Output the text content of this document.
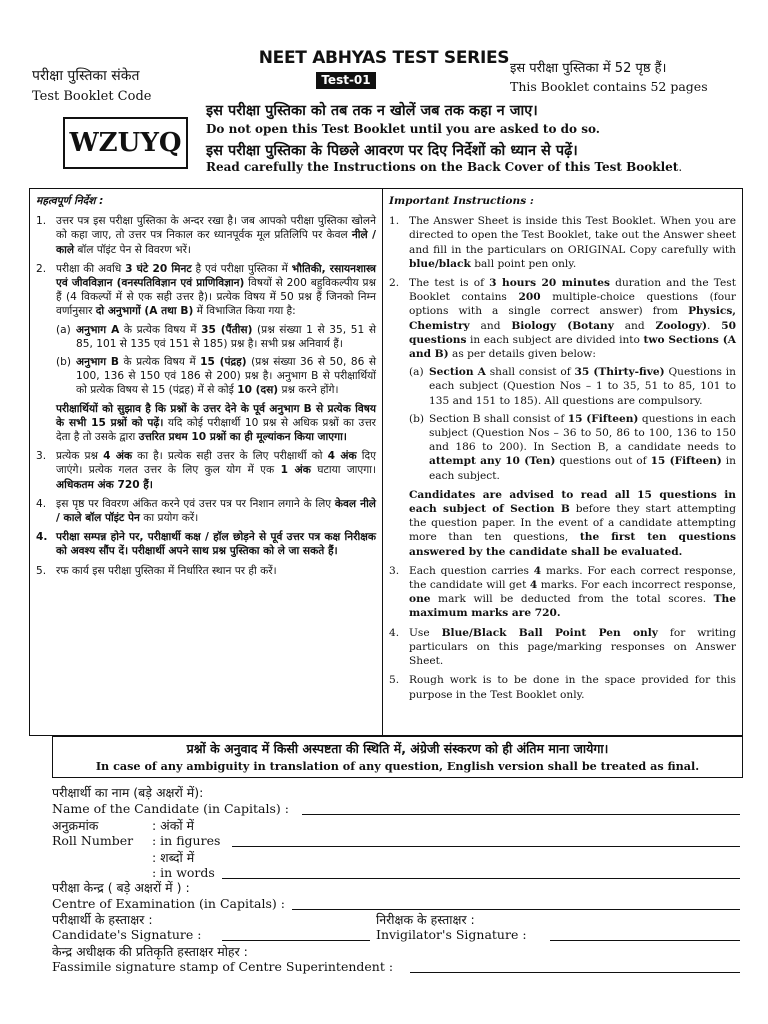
NEET ABHYAS TEST SERIES
Test-01
परीक्षा पुस्तिका संकेत
Test Booklet Code
WZUYQ
इस परीक्षा पुस्तिका में 52 पृष्ठ हैं।
This Booklet contains 52 pages
इस परीक्षा पुस्तिका को तब तक न खोलें जब तक कहा न जाए।
Do not open this Test Booklet until you are asked to do so.
इस परीक्षा पुस्तिका के पिछले आवरण पर दिए निर्देशों को ध्यान से पढ़ें।
Read carefully the Instructions on the Back Cover of this Test Booklet.
महत्वपूर्ण निर्देश :
1. उत्तर पत्र इस परीक्षा पुस्तिका के अन्दर रखा है। जब आपको परीक्षा पुस्तिका खोलने को कहा जाए, तो उत्तर पत्र निकाल कर ध्यानपूर्वक मूल प्रतिलिपि पर केवल नीले / काले बॉल पॉइंट पेन से विवरण भरें।
2. परीक्षा की अवधि 3 घंटे 20 मिनट है एवं परीक्षा पुस्तिका में भौतिकी, रसायनशास्त्र एवं जीवविज्ञान (वनस्पतिविज्ञान एवं प्राणिविज्ञान) विषयों से 200 बहुविकल्पीय प्रश्न हैं (4 विकल्पों में से एक सही उत्तर है)। प्रत्येक विषय में 50 प्रश्न हैं जिनको निम्न वर्णानुसार दो अनुभागों (A तथा B) में विभाजित किया गया है:
(a) अनुभाग A के प्रत्येक विषय में 35 (पैंतीस) (प्रश्न संख्या 1 से 35, 51 से 85, 101 से 135 एवं 151 से 185) प्रश्न है। सभी प्रश्न अनिवार्य हैं।
(b) अनुभाग B के प्रत्येक विषय में 15 (पंद्रह) (प्रश्न संख्या 36 से 50, 86 से 100, 136 से 150 एवं 186 से 200) प्रश्न है। अनुभाग B से परीक्षार्थियों को प्रत्येक विषय से 15 (पंद्रह) में से कोई 10 (दस) प्रश्न करने होंगे।
परीक्षार्थियों को सुझाव है कि प्रश्नों के उत्तर देने के पूर्व अनुभाग B से प्रत्येक विषय के सभी 15 प्रश्नों को पढ़ें। यदि कोई परीक्षार्थी 10 प्रश्न से अधिक प्रश्नों का उत्तर देता है तो उसके द्वारा उत्तरित प्रथम 10 प्रश्नों का ही मूल्यांकन किया जाएगा।
3. प्रत्येक प्रश्न 4 अंक का है। प्रत्येक सही उत्तर के लिए परीक्षार्थी को 4 अंक दिए जाएंगे। प्रत्येक गलत उत्तर के लिए कुल योग में एक 1 अंक घटाया जाएगा। अधिकतम अंक 720 हैं।
4. इस पृष्ठ पर विवरण अंकित करने एवं उत्तर पत्र पर निशान लगाने के लिए केवल नीले / काले बॉल पॉइंट पेन का प्रयोग करें।
4. परीक्षा सम्पन्न होने पर, परीक्षार्थी कक्ष / हॉल छोड़ने से पूर्व उत्तर पत्र कक्ष निरीक्षक को अवश्य सौंप दें। परीक्षार्थी अपने साथ प्रश्न पुस्तिका को ले जा सकते हैं।
5. रफ कार्य इस परीक्षा पुस्तिका में निर्धारित स्थान पर ही करें।
Important Instructions :
1. The Answer Sheet is inside this Test Booklet. When you are directed to open the Test Booklet, take out the Answer sheet and fill in the particulars on ORIGINAL Copy carefully with blue/black ball point pen only.
2. The test is of 3 hours 20 minutes duration and the Test Booklet contains 200 multiple-choice questions (four options with a single correct answer) from Physics, Chemistry and Biology (Botany and Zoology). 50 questions in each subject are divided into two Sections (A and B) as per details given below:
(a) Section A shall consist of 35 (Thirty-five) Questions in each subject (Question Nos – 1 to 35, 51 to 85, 101 to 135 and 151 to 185). All questions are compulsory.
(b) Section B shall consist of 15 (Fifteen) questions in each subject (Question Nos – 36 to 50, 86 to 100, 136 to 150 and 186 to 200). In Section B, a candidate needs to attempt any 10 (Ten) questions out of 15 (Fifteen) in each subject.
Candidates are advised to read all 15 questions in each subject of Section B before they start attempting the question paper. In the event of a candidate attempting more than ten questions, the first ten questions answered by the candidate shall be evaluated.
3. Each question carries 4 marks. For each correct response, the candidate will get 4 marks. For each incorrect response, one mark will be deducted from the total scores. The maximum marks are 720.
4. Use Blue/Black Ball Point Pen only for writing particulars on this page/marking responses on Answer Sheet.
5. Rough work is to be done in the space provided for this purpose in the Test Booklet only.
प्रश्नों के अनुवाद में किसी अस्पष्टता की स्थिति में, अंग्रेजी संस्करण को ही अंतिम माना जायेगा।
In case of any ambiguity in translation of any question, English version shall be treated as final.
परीक्षार्थी का नाम (बड़े अक्षरों में):
Name of the Candidate (in Capitals) :
अनुक्रमांक
Roll Number
: अंकों में
: in figures
: शब्दों में
: in words
परीक्षा केन्द्र ( बड़े अक्षरों में ) :
Centre of Examination (in Capitals) :
परीक्षार्थी के हस्ताक्षर :
Candidate's Signature :
निरीक्षक के हस्ताक्षर :
Invigilator's Signature :
केन्द्र अधीक्षक की प्रतिकृति हस्ताक्षर मोहर :
Fassimile signature stamp of Centre Superintendent :
